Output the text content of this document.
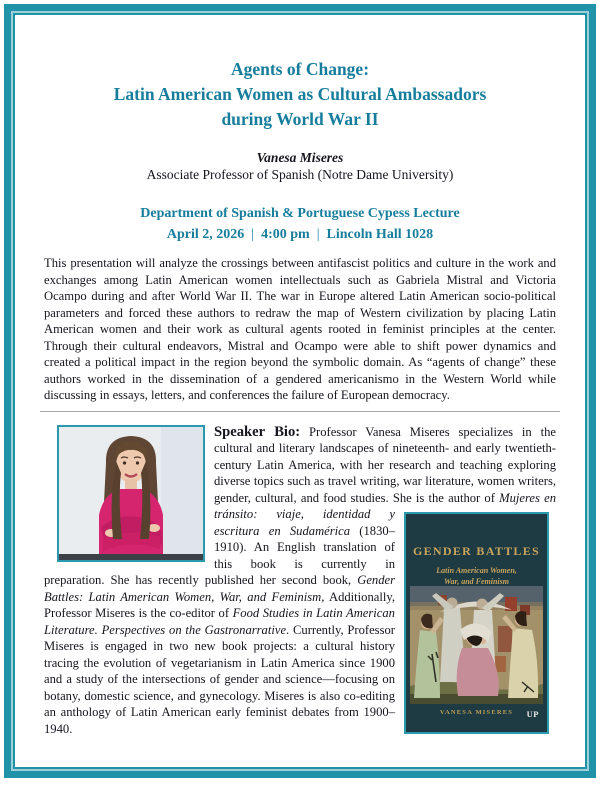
Agents of Change:
Latin American Women as Cultural Ambassadors
during World War II
Vanesa Miseres
Associate Professor of Spanish (Notre Dame University)
Department of Spanish & Portuguese Cypess Lecture
April 2, 2026 | 4:00 pm | Lincoln Hall 1028
This presentation will analyze the crossings between antifascist politics and culture in the work and exchanges among Latin American women intellectuals such as Gabriela Mistral and Victoria Ocampo during and after World War II. The war in Europe altered Latin American socio-political parameters and forced these authors to redraw the map of Western civilization by placing Latin American women and their work as cultural agents rooted in feminist principles at the center. Through their cultural endeavors, Mistral and Ocampo were able to shift power dynamics and created a political impact in the region beyond the symbolic domain. As “agents of change” these authors worked in the dissemination of a gendered americanismo in the Western World while discussing in essays, letters, and conferences the failure of European democracy.
GENDER BATTLES
Latin American Women,
War, and Feminism
VANESA MISERES	UP
Speaker Bio: Professor Vanesa Miseres specializes in the cultural and literary landscapes of nineteenth- and early twentieth-century Latin America, with her research and teaching exploring diverse topics such as travel writing, war literature, women writers, gender, cultural, and food studies. She is the author of Mujeres en tránsito: viaje, identidad y escritura en Sudamérica (1830–1910). An English translation of this book is currently in preparation. She has recently published her second book, Gender Battles: Latin American Women, War, and Feminism, Additionally, Professor Miseres is the co-editor of Food Studies in Latin American Literature. Perspectives on the Gastronarrative. Currently, Professor Miseres is engaged in two new book projects: a cultural history tracing the evolution of vegetarianism in Latin America since 1900 and a study of the intersections of gender and science—focusing on botany, domestic science, and gynecology. Miseres is also co-editing an anthology of Latin American early feminist debates from 1900–1940.
